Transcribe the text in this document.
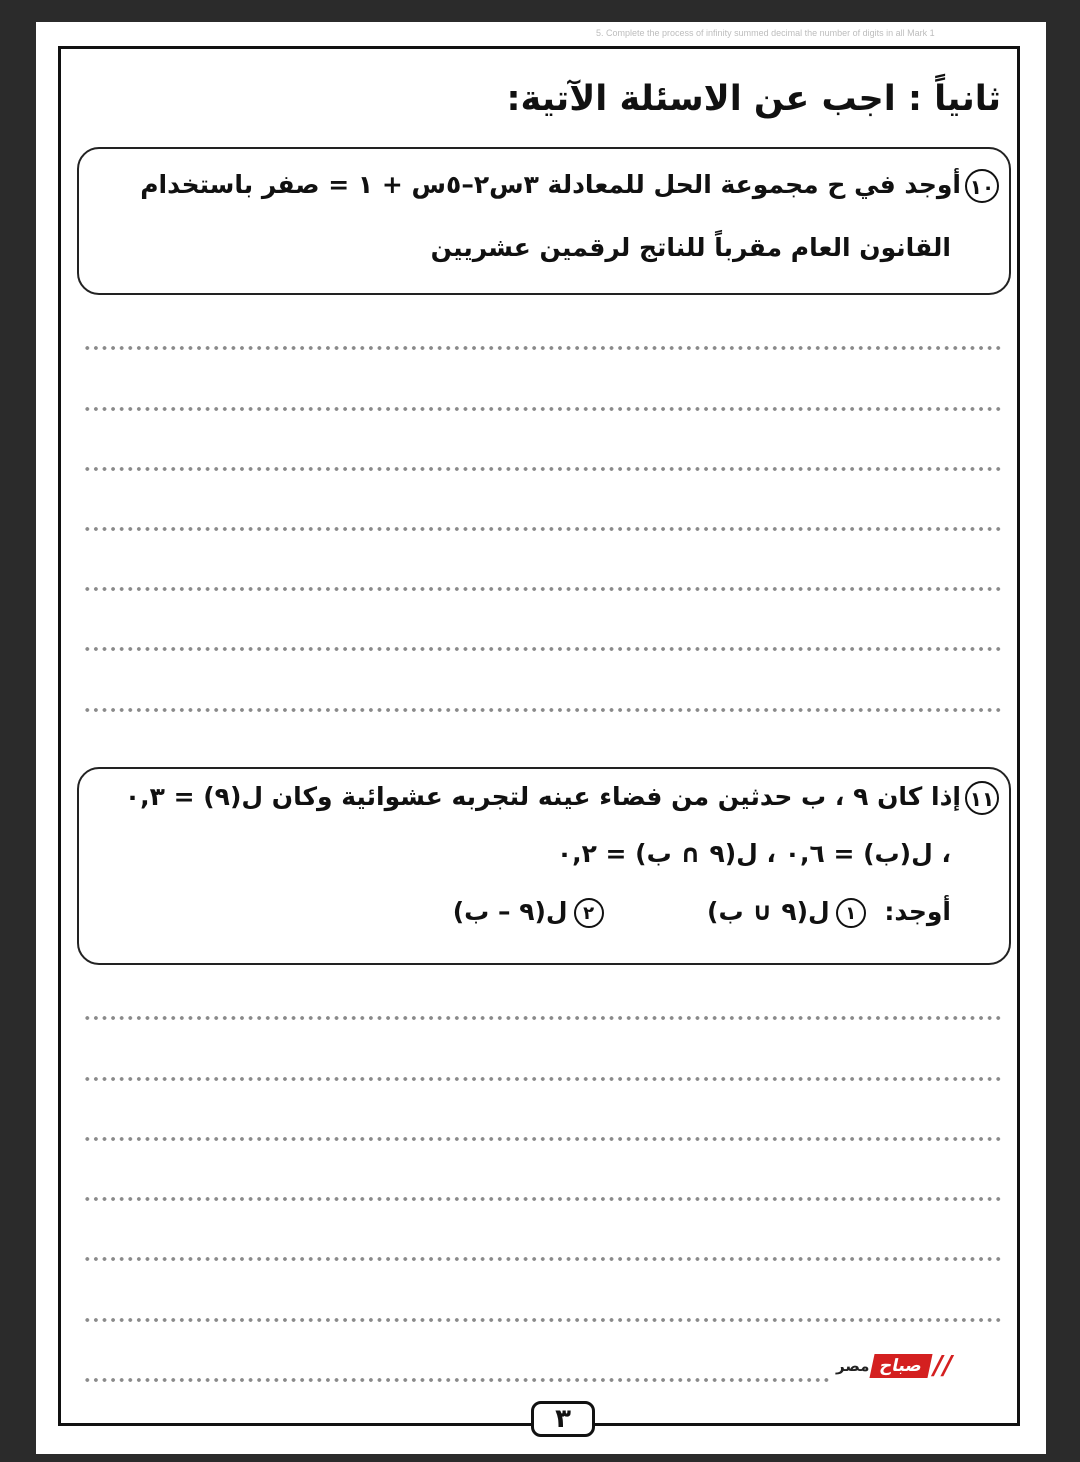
5. Complete the process of infinity summed decimal the number of digits in all Mark 1
ثانياً : اجب عن الاسئلة الآتية:
١٠أوجد في ح مجموعة الحل للمعادلة ٣س٢–٥س + ١ = صفر باستخدام
القانون العام مقرباً للناتج لرقمين عشريين
١١إذا كان ٩ ، ب حدثين من فضاء عينه لتجربه عشوائية وكان ل(٩) = ٠,٣
، ل(ب) = ٠,٦ ، ل(٩ ∩ ب) = ٠,٢
أوجد: ١ل(٩ ∪ ب)  ٢ل(٩ – ب)
٣
//
صباح
مصر
